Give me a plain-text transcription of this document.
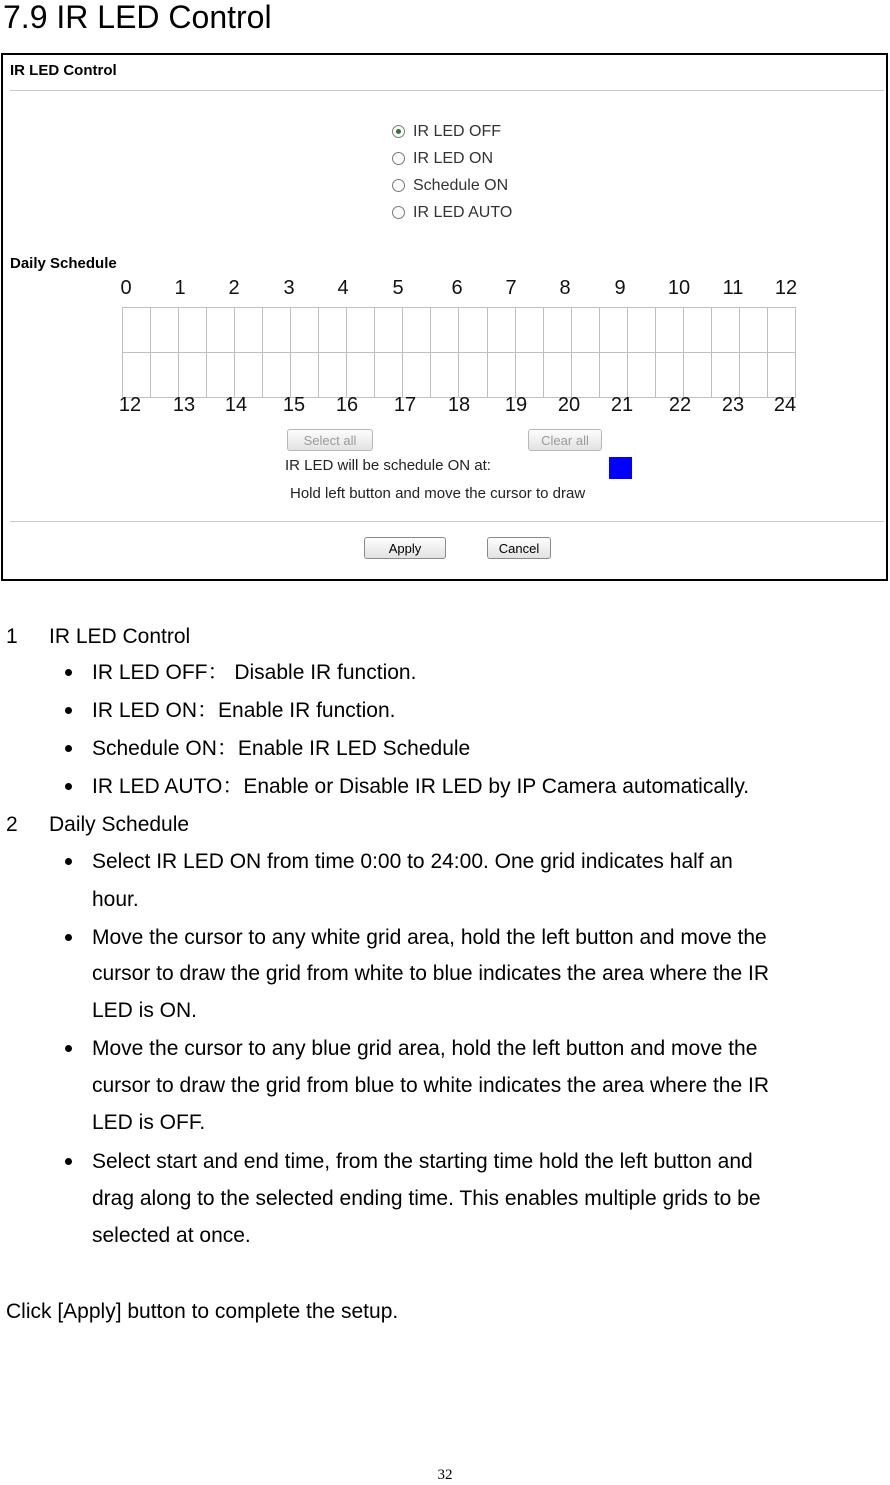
7.9 IR LED Control
IR LED Control
IR LED OFF
IR LED ON
Schedule ON
IR LED AUTO
Daily Schedule
0	1	2	3	4	5	6	7	8	9	10 11 12
12 13 14 15 16 17 18 19 20 21 22 23 24
Select all	Clear all
IR LED will be schedule ON at:
Hold left button and move the cursor to draw
Apply	Cancel
1 IR LED Control
IR LED OFF： Disable IR function.
IR LED ON：Enable IR function.
Schedule ON：Enable IR LED Schedule
IR LED AUTO：Enable or Disable IR LED by IP Camera automatically.
2 Daily Schedule
Select IR LED ON from time 0:00 to 24:00. One grid indicates half an
hour.
Move the cursor to any white grid area, hold the left button and move the
cursor to draw the grid from white to blue indicates the area where the IR
LED is ON.
Move the cursor to any blue grid area, hold the left button and move the
cursor to draw the grid from blue to white indicates the area where the IR
LED is OFF.
Select start and end time, from the starting time hold the left button and
drag along to the selected ending time. This enables multiple grids to be
selected at once.
Click [Apply] button to complete the setup.
32
